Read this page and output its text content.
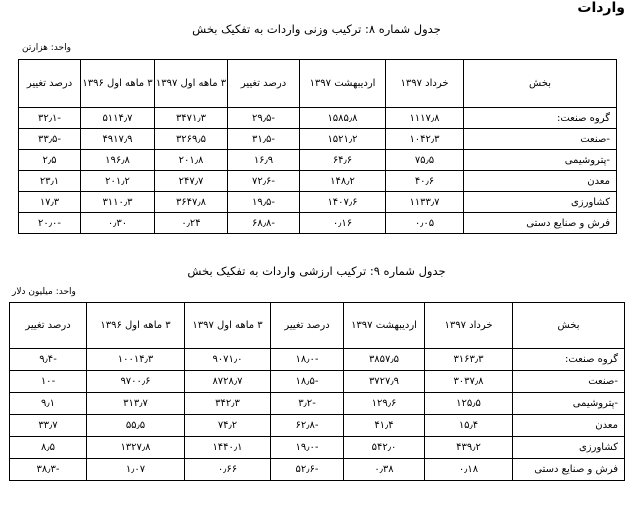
واردات
جدول شماره ۸: ترکیب وزنی واردات به تفکیک بخش
واحد: هزارتن
بخش	خرداد ۱۳۹۷	اردیبهشت ۱۳۹۷	درصد تغییر	۳ ماهه اول ۱۳۹۷	۳ ماهه اول ۱۳۹۶	درصد تغییر
گروه صنعت:	۱۱۱۷٫۸	۱۵۸۵٫۸	-۲۹٫۵	۳۴۷۱٫۳	۵۱۱۴٫۷	-۳۲٫۱
-صنعت	۱۰۴۲٫۳	۱۵۲۱٫۲	-۳۱٫۵	۳۲۶۹٫۵	۴۹۱۷٫۹	-۳۳٫۵
-پتروشیمی	۷۵٫۵	۶۴٫۶	۱۶٫۹	۲۰۱٫۸	۱۹۶٫۸	۲٫۵
معدن	۴۰٫۶	۱۴۸٫۲	-۷۲٫۶	۲۴۷٫۷	۲۰۱٫۲	۲۳٫۱
کشاورزی	۱۱۳۳٫۷	۱۴۰۷٫۶	-۱۹٫۵	۳۶۴۷٫۸	۳۱۱۰٫۳	۱۷٫۳
فرش و صنایع دستی	۰٫۰۵	۰٫۱۶	-۶۸٫۸	۰٫۲۴	۰٫۳۰	-۲۰٫۰
جدول شماره ۹: ترکیب ارزشی واردات به تفکیک بخش
واحد: میلیون دلار
بخش	خرداد ۱۳۹۷	اردیبهشت ۱۳۹۷	درصد تغییر	۳ ماهه اول ۱۳۹۷	۳ ماهه اول ۱۳۹۶	درصد تغییر
گروه صنعت:	۳۱۶۳٫۳	۳۸۵۷٫۵	-۱۸٫۰	۹۰۷۱٫۰	۱۰۰۱۴٫۳	-۹٫۴
-صنعت	۳۰۳۷٫۸	۳۷۲۷٫۹	-۱۸٫۵	۸۷۲۸٫۷	۹۷۰۰٫۶	-۱۰
-پتروشیمی	۱۲۵٫۵	۱۲۹٫۶	-۳٫۲	۳۴۲٫۳	۳۱۳٫۷	۹٫۱
معدن	۱۵٫۴	۴۱٫۴	-۶۲٫۸	۷۴٫۲	۵۵٫۵	۳۳٫۷
کشاورزی	۴۳۹٫۲	۵۴۲٫۰	-۱۹٫۰	۱۴۴۰٫۱	۱۳۲۷٫۸	۸٫۵
فرش و صنایع دستی	۰٫۱۸	۰٫۳۸	-۵۲٫۶	۰٫۶۶	۱٫۰۷	-۳۸٫۳
